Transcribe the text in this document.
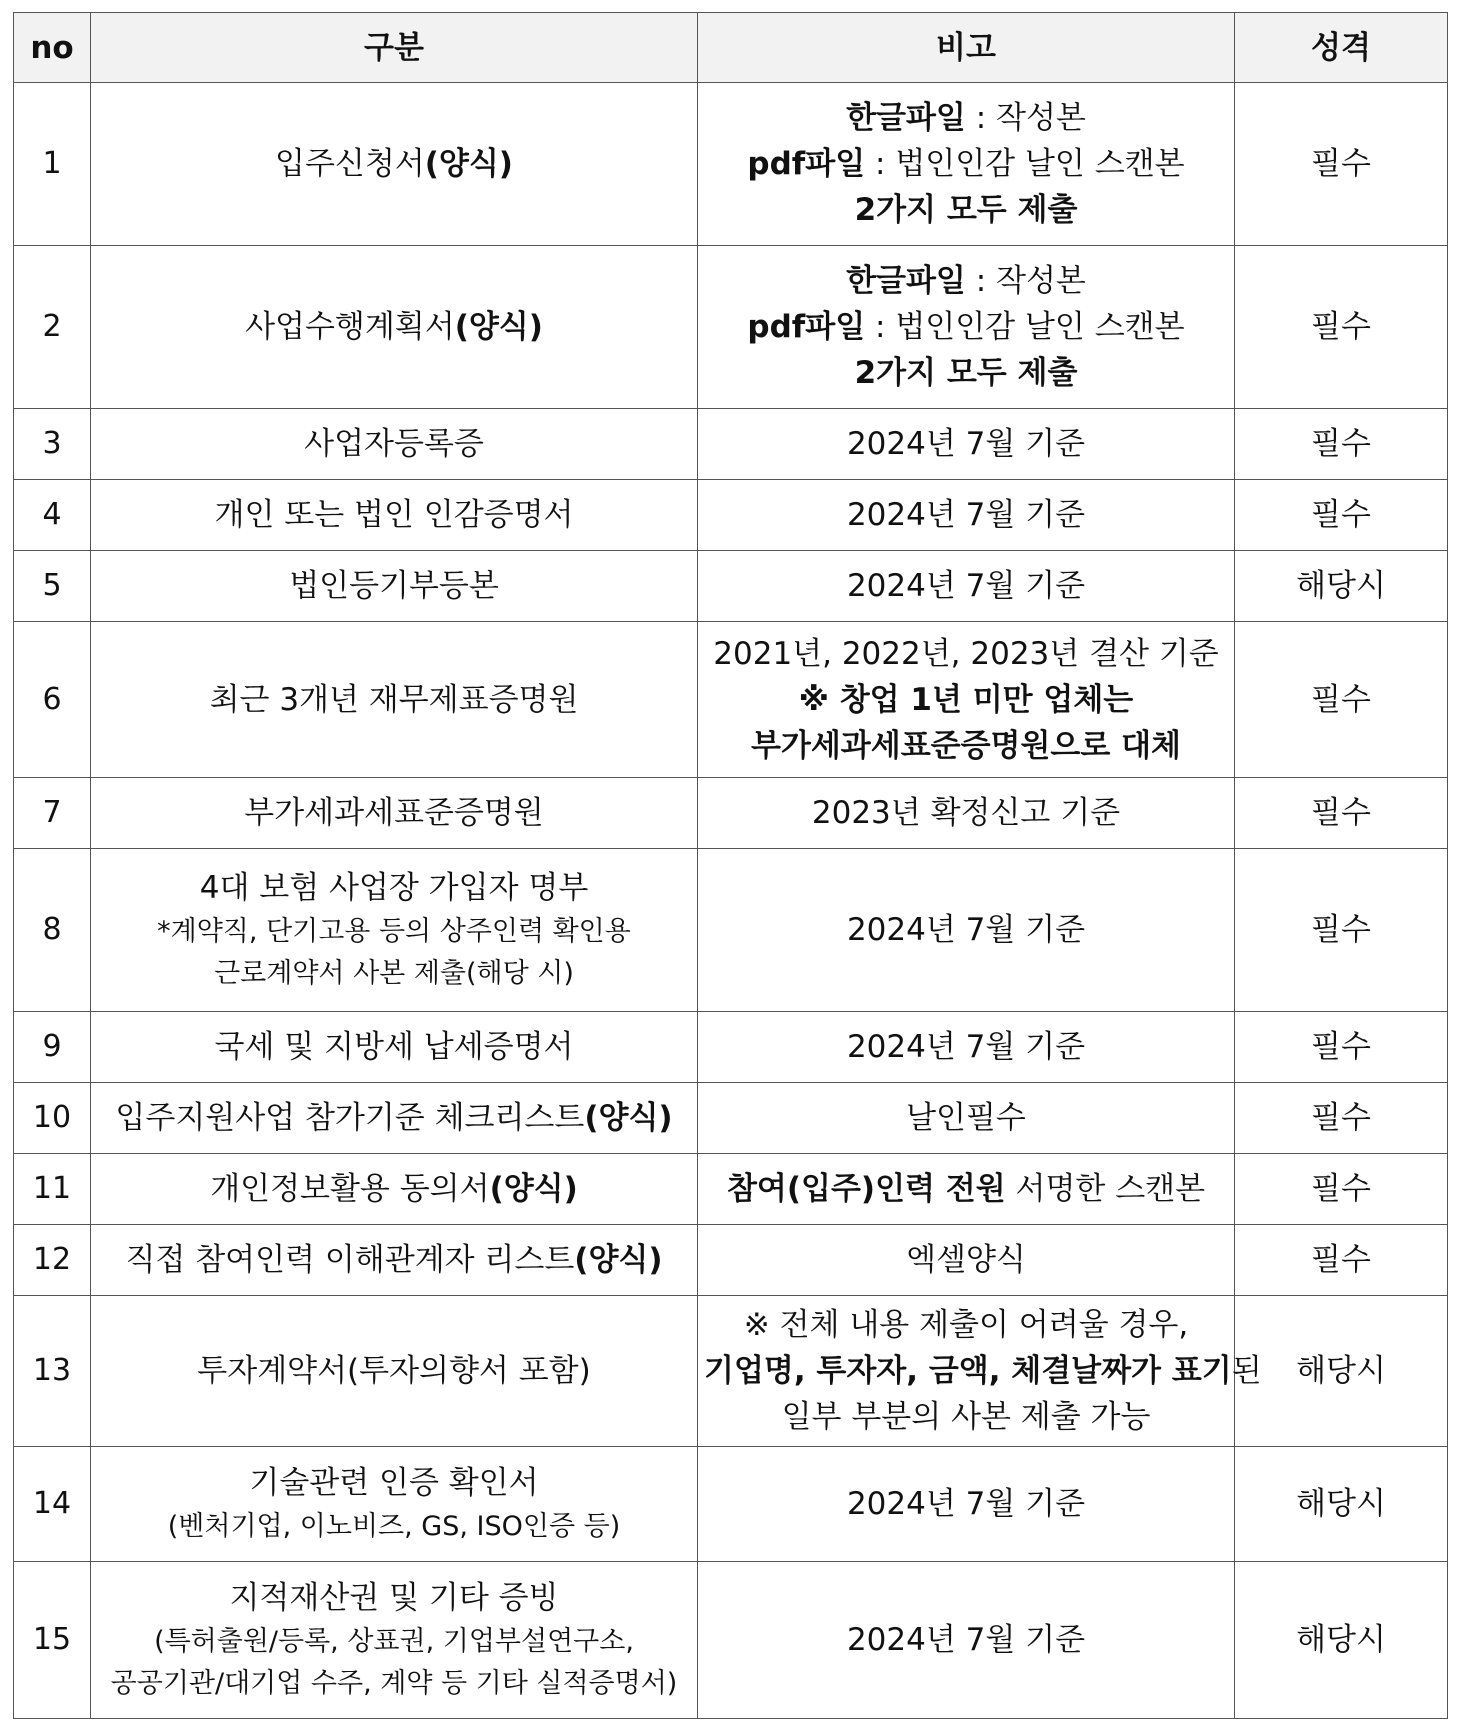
no	구분	비고	성격
1	입주신청서(양식)	한글파일 : 작성본
pdf파일 : 법인인감 날인 스캔본
2가지 모두 제출	필수
2	사업수행계획서(양식)	한글파일 : 작성본
pdf파일 : 법인인감 날인 스캔본
2가지 모두 제출	필수
3	사업자등록증	2024년 7월 기준	필수
4	개인 또는 법인 인감증명서	2024년 7월 기준	필수
5	법인등기부등본	2024년 7월 기준	해당시
6	최근 3개년 재무제표증명원	2021년, 2022년, 2023년 결산 기준
※ 창업 1년 미만 업체는
부가세과세표준증명원으로 대체	필수
7	부가세과세표준증명원	2023년 확정신고 기준	필수
8	4대 보험 사업장 가입자 명부
*계약직, 단기고용 등의 상주인력 확인용
근로계약서 사본 제출(해당 시)	2024년 7월 기준	필수
9	국세 및 지방세 납세증명서	2024년 7월 기준	필수
10	입주지원사업 참가기준 체크리스트(양식)	날인필수	필수
11	개인정보활용 동의서(양식)	참여(입주)인력 전원 서명한 스캔본	필수
12	직접 참여인력 이해관계자 리스트(양식)	엑셀양식	필수
13	투자계약서(투자의향서 포함)	※ 전체 내용 제출이 어려울 경우,
기업명, 투자자, 금액, 체결날짜가 표기된
일부 부분의 사본 제출 가능	해당시
14	기술관련 인증 확인서
(벤처기업, 이노비즈, GS, ISO인증 등)	2024년 7월 기준	해당시
15	지적재산권 및 기타 증빙
(특허출원/등록, 상표권, 기업부설연구소,
공공기관/대기업 수주, 계약 등 기타 실적증명서)	2024년 7월 기준	해당시
